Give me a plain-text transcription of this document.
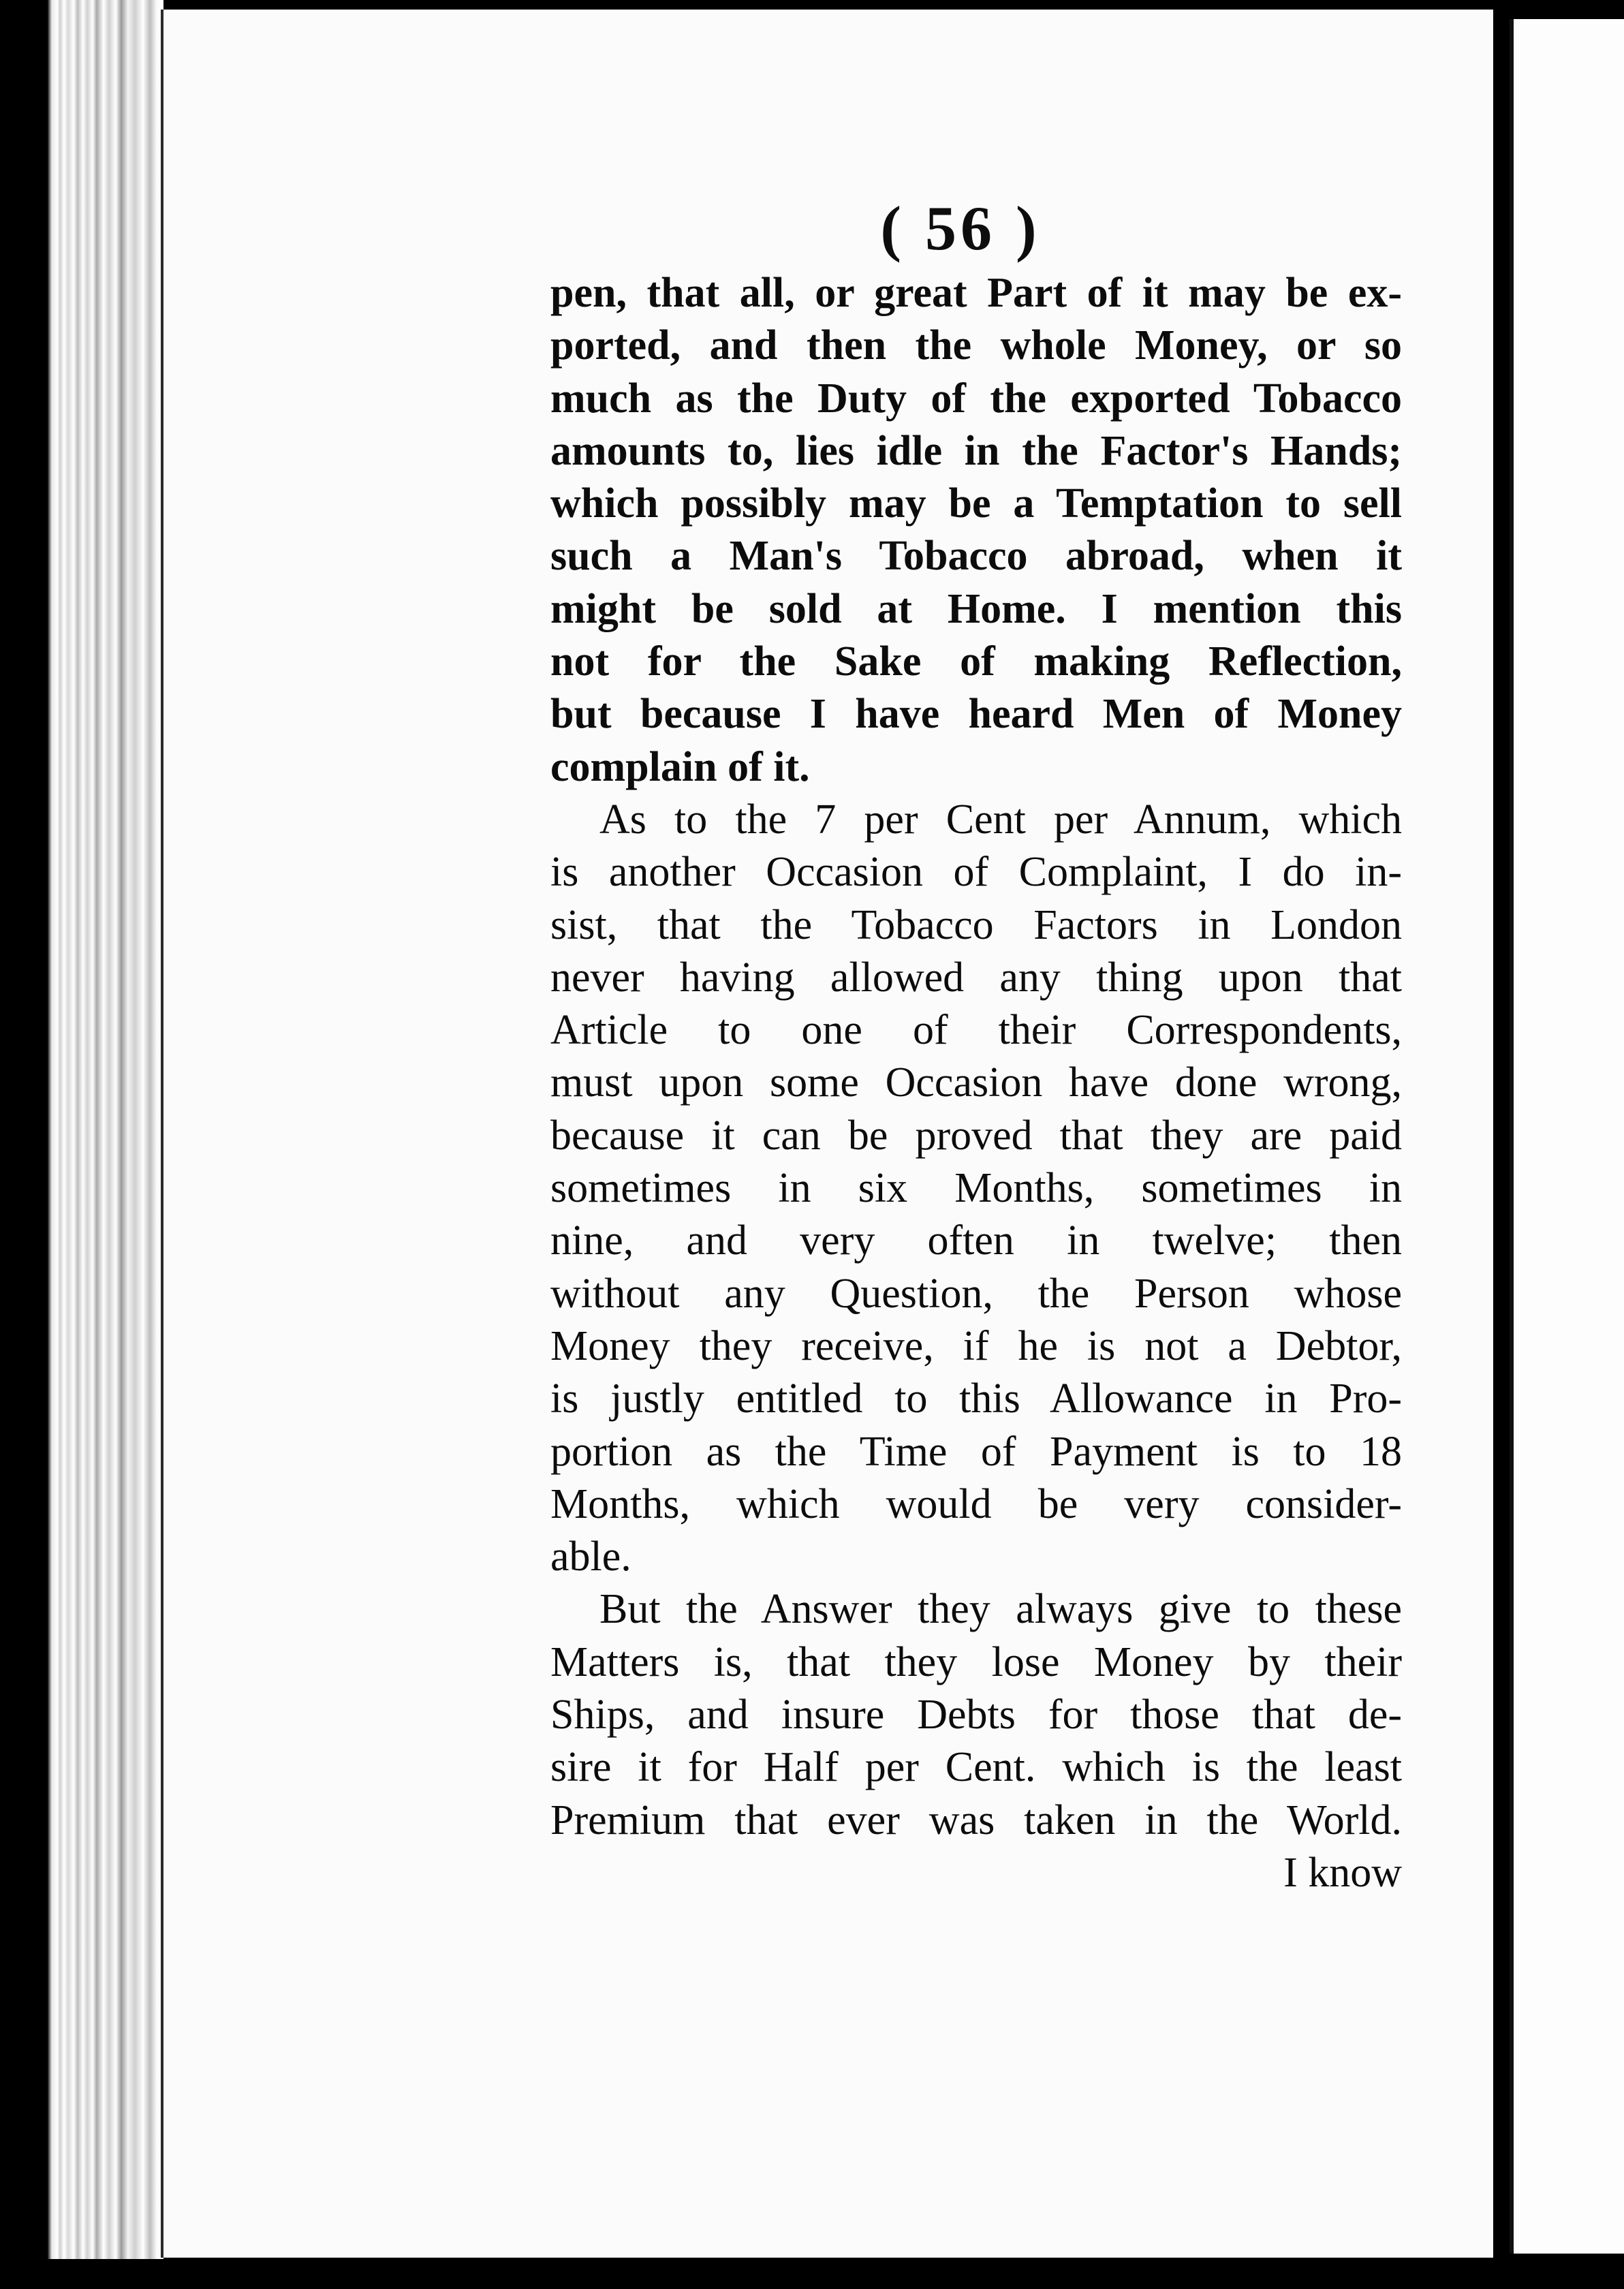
( 56 )
pen, that all, or great Part of it may be ex-
ported, and then the whole Money, or so
much as the Duty of the exported Tobacco
amounts to, lies idle in the Factor's Hands;
which possibly may be a Temptation to sell
such a Man's Tobacco abroad, when it
might be sold at Home. I mention this
not for the Sake of making Reflection,
but because I have heard Men of Money
complain of it.
As to the 7 per Cent per Annum, which
is another Occasion of Complaint, I do in-
sist, that the Tobacco Factors in London
never having allowed any thing upon that
Article to one of their Correspondents,
must upon some Occasion have done wrong,
because it can be proved that they are paid
sometimes in six Months, sometimes in
nine, and very often in twelve; then
without any Question, the Person whose
Money they receive, if he is not a Debtor,
is justly entitled to this Allowance in Pro-
portion as the Time of Payment is to 18
Months, which would be very consider-
able.
But the Answer they always give to these
Matters is, that they lose Money by their
Ships, and insure Debts for those that de-
sire it for Half per Cent. which is the least
Premium that ever was taken in the World.
I know
